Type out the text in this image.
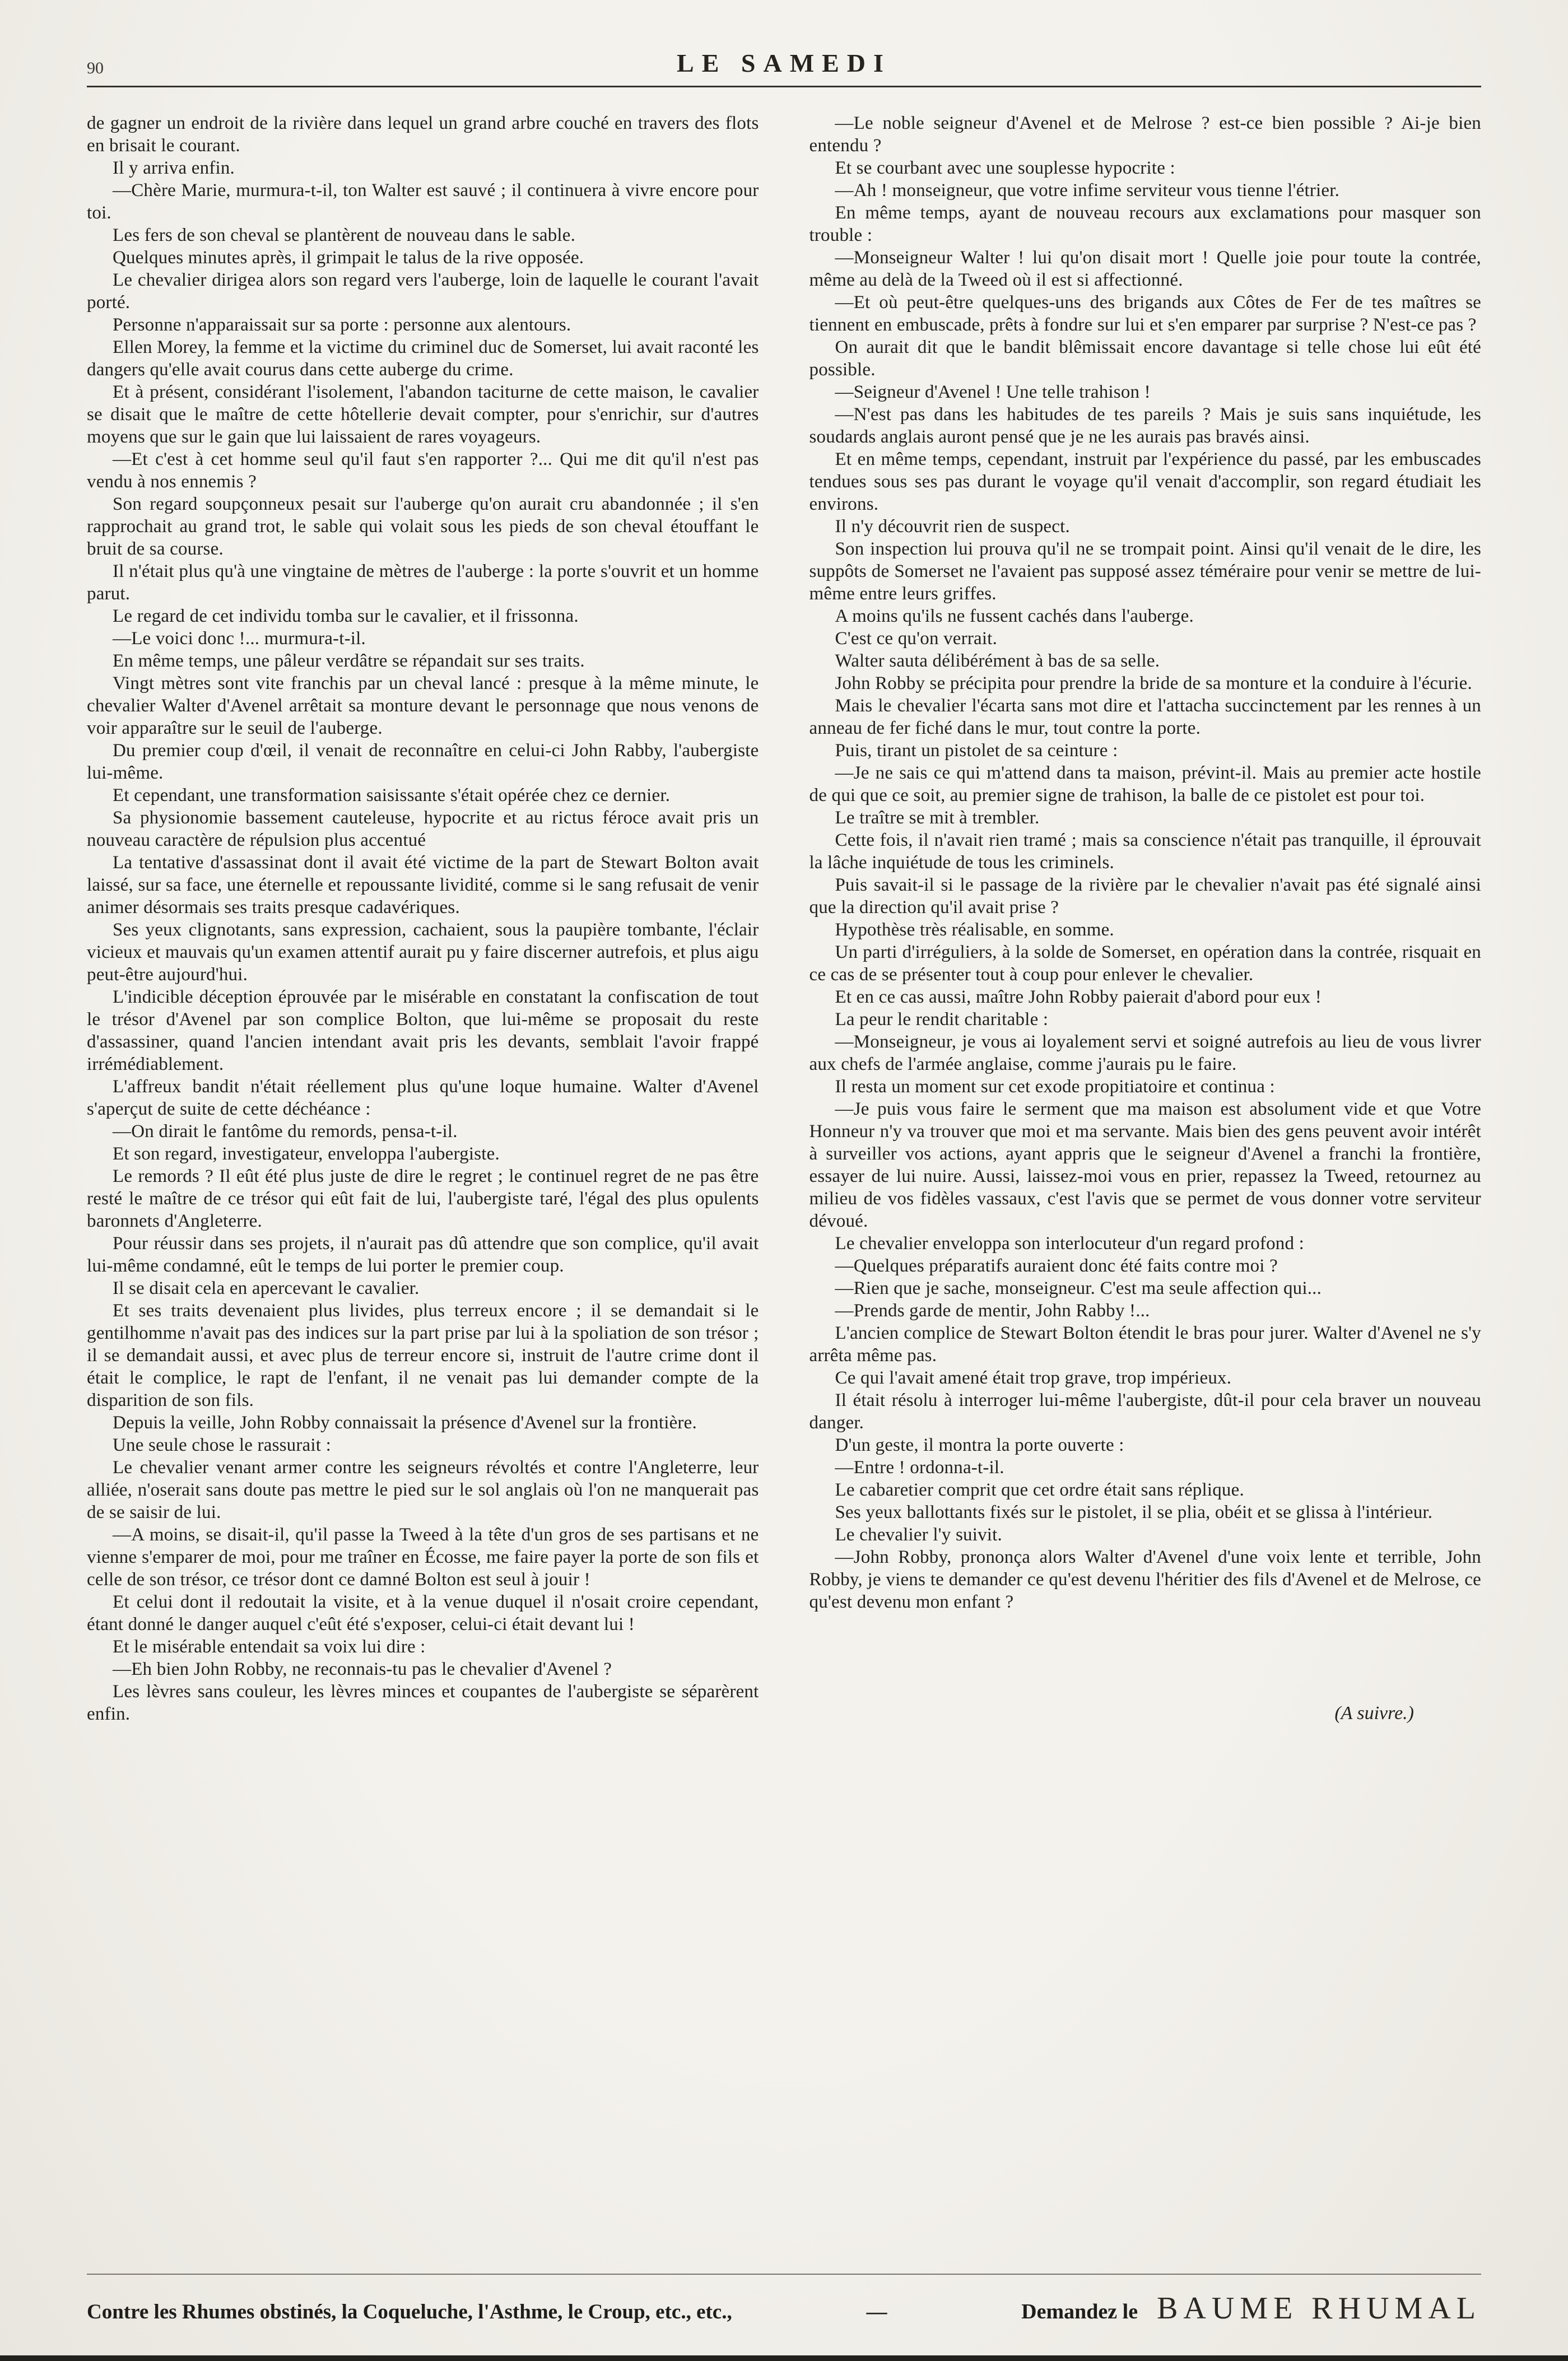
90	LE SAMEDI

de gagner un endroit de la rivière dans lequel un grand arbre couché en travers des flots en brisait le courant.

Il y arriva enfin.

—Chère Marie, murmura-t-il, ton Walter est sauvé ; il continuera à vivre encore pour toi.

Les fers de son cheval se plantèrent de nouveau dans le sable.

Quelques minutes après, il grimpait le talus de la rive opposée.

Le chevalier dirigea alors son regard vers l'auberge, loin de laquelle le courant l'avait porté.

Personne n'apparaissait sur sa porte : personne aux alentours.

Ellen Morey, la femme et la victime du criminel duc de Somerset, lui avait raconté les dangers qu'elle avait courus dans cette auberge du crime.

Et à présent, considérant l'isolement, l'abandon taciturne de cette maison, le cavalier se disait que le maître de cette hôtellerie devait compter, pour s'enrichir, sur d'autres moyens que sur le gain que lui laissaient de rares voyageurs.

—Et c'est à cet homme seul qu'il faut s'en rapporter ?... Qui me dit qu'il n'est pas vendu à nos ennemis ?

Son regard soupçonneux pesait sur l'auberge qu'on aurait cru abandonnée ; il s'en rapprochait au grand trot, le sable qui volait sous les pieds de son cheval étouffant le bruit de sa course.

Il n'était plus qu'à une vingtaine de mètres de l'auberge : la porte s'ouvrit et un homme parut.

Le regard de cet individu tomba sur le cavalier, et il frissonna.

—Le voici donc !... murmura-t-il.

En même temps, une pâleur verdâtre se répandait sur ses traits.

Vingt mètres sont vite franchis par un cheval lancé : presque à la même minute, le chevalier Walter d'Avenel arrêtait sa monture devant le personnage que nous venons de voir apparaître sur le seuil de l'auberge.

Du premier coup d'œil, il venait de reconnaître en celui-ci John Rabby, l'aubergiste lui-même.

Et cependant, une transformation saisissante s'était opérée chez ce dernier.

Sa physionomie bassement cauteleuse, hypocrite et au rictus féroce avait pris un nouveau caractère de répulsion plus accentué

La tentative d'assassinat dont il avait été victime de la part de Stewart Bolton avait laissé, sur sa face, une éternelle et repoussante lividité, comme si le sang refusait de venir animer désormais ses traits presque cadavériques.

Ses yeux clignotants, sans expression, cachaient, sous la paupière tombante, l'éclair vicieux et mauvais qu'un examen attentif aurait pu y faire discerner autrefois, et plus aigu peut-être aujourd'hui.

L'indicible déception éprouvée par le misérable en constatant la confiscation de tout le trésor d'Avenel par son complice Bolton, que lui-même se proposait du reste d'assassiner, quand l'ancien intendant avait pris les devants, semblait l'avoir frappé irrémédiablement.

L'affreux bandit n'était réellement plus qu'une loque humaine. Walter d'Avenel s'aperçut de suite de cette déchéance :

—On dirait le fantôme du remords, pensa-t-il.

Et son regard, investigateur, enveloppa l'aubergiste.

Le remords ? Il eût été plus juste de dire le regret ; le continuel regret de ne pas être resté le maître de ce trésor qui eût fait de lui, l'aubergiste taré, l'égal des plus opulents baronnets d'Angleterre.

Pour réussir dans ses projets, il n'aurait pas dû attendre que son complice, qu'il avait lui-même condamné, eût le temps de lui porter le premier coup.

Il se disait cela en apercevant le cavalier.

Et ses traits devenaient plus livides, plus terreux encore ; il se demandait si le gentilhomme n'avait pas des indices sur la part prise par lui à la spoliation de son trésor ; il se demandait aussi, et avec plus de terreur encore si, instruit de l'autre crime dont il était le complice, le rapt de l'enfant, il ne venait pas lui demander compte de la disparition de son fils.

Depuis la veille, John Robby connaissait la présence d'Avenel sur la frontière.

Une seule chose le rassurait :

Le chevalier venant armer contre les seigneurs révoltés et contre l'Angleterre, leur alliée, n'oserait sans doute pas mettre le pied sur le sol anglais où l'on ne manquerait pas de se saisir de lui.

—A moins, se disait-il, qu'il passe la Tweed à la tête d'un gros de ses partisans et ne vienne s'emparer de moi, pour me traîner en Écosse, me faire payer la porte de son fils et celle de son trésor, ce trésor dont ce damné Bolton est seul à jouir !

Et celui dont il redoutait la visite, et à la venue duquel il n'osait croire cependant, étant donné le danger auquel c'eût été s'exposer, celui-ci était devant lui !

Et le misérable entendait sa voix lui dire :

—Eh bien John Robby, ne reconnais-tu pas le chevalier d'Avenel ?

Les lèvres sans couleur, les lèvres minces et coupantes de l'aubergiste se séparèrent enfin.

—Le noble seigneur d'Avenel et de Melrose ? est-ce bien possible ? Ai-je bien entendu ?

Et se courbant avec une souplesse hypocrite :

—Ah ! monseigneur, que votre infime serviteur vous tienne l'étrier.

En même temps, ayant de nouveau recours aux exclamations pour masquer son trouble :

—Monseigneur Walter ! lui qu'on disait mort ! Quelle joie pour toute la contrée, même au delà de la Tweed où il est si affectionné.

—Et où peut-être quelques-uns des brigands aux Côtes de Fer de tes maîtres se tiennent en embuscade, prêts à fondre sur lui et s'en emparer par surprise ? N'est-ce pas ?

On aurait dit que le bandit blêmissait encore davantage si telle chose lui eût été possible.

—Seigneur d'Avenel ! Une telle trahison !

—N'est pas dans les habitudes de tes pareils ? Mais je suis sans inquiétude, les soudards anglais auront pensé que je ne les aurais pas bravés ainsi.

Et en même temps, cependant, instruit par l'expérience du passé, par les embuscades tendues sous ses pas durant le voyage qu'il venait d'accomplir, son regard étudiait les environs.

Il n'y découvrit rien de suspect.

Son inspection lui prouva qu'il ne se trompait point. Ainsi qu'il venait de le dire, les suppôts de Somerset ne l'avaient pas supposé assez téméraire pour venir se mettre de lui-même entre leurs griffes.

A moins qu'ils ne fussent cachés dans l'auberge.

C'est ce qu'on verrait.

Walter sauta délibérément à bas de sa selle.

John Robby se précipita pour prendre la bride de sa monture et la conduire à l'écurie.

Mais le chevalier l'écarta sans mot dire et l'attacha succinctement par les rennes à un anneau de fer fiché dans le mur, tout contre la porte.

Puis, tirant un pistolet de sa ceinture :

—Je ne sais ce qui m'attend dans ta maison, prévint-il. Mais au premier acte hostile de qui que ce soit, au premier signe de trahison, la balle de ce pistolet est pour toi.

Le traître se mit à trembler.

Cette fois, il n'avait rien tramé ; mais sa conscience n'était pas tranquille, il éprouvait la lâche inquiétude de tous les criminels.

Puis savait-il si le passage de la rivière par le chevalier n'avait pas été signalé ainsi que la direction qu'il avait prise ?

Hypothèse très réalisable, en somme.

Un parti d'irréguliers, à la solde de Somerset, en opération dans la contrée, risquait en ce cas de se présenter tout à coup pour enlever le chevalier.

Et en ce cas aussi, maître John Robby paierait d'abord pour eux !

La peur le rendit charitable :

—Monseigneur, je vous ai loyalement servi et soigné autrefois au lieu de vous livrer aux chefs de l'armée anglaise, comme j'aurais pu le faire.

Il resta un moment sur cet exode propitiatoire et continua :

—Je puis vous faire le serment que ma maison est absolument vide et que Votre Honneur n'y va trouver que moi et ma servante. Mais bien des gens peuvent avoir intérêt à surveiller vos actions, ayant appris que le seigneur d'Avenel a franchi la frontière, essayer de lui nuire. Aussi, laissez-moi vous en prier, repassez la Tweed, retournez au milieu de vos fidèles vassaux, c'est l'avis que se permet de vous donner votre serviteur dévoué.

Le chevalier enveloppa son interlocuteur d'un regard profond :

—Quelques préparatifs auraient donc été faits contre moi ?

—Rien que je sache, monseigneur. C'est ma seule affection qui...

—Prends garde de mentir, John Rabby !...

L'ancien complice de Stewart Bolton étendit le bras pour jurer. Walter d'Avenel ne s'y arrêta même pas.

Ce qui l'avait amené était trop grave, trop impérieux.

Il était résolu à interroger lui-même l'aubergiste, dût-il pour cela braver un nouveau danger.

D'un geste, il montra la porte ouverte :

—Entre ! ordonna-t-il.

Le cabaretier comprit que cet ordre était sans réplique.

Ses yeux ballottants fixés sur le pistolet, il se plia, obéit et se glissa à l'intérieur.

Le chevalier l'y suivit.

—John Robby, prononça alors Walter d'Avenel d'une voix lente et terrible, John Robby, je viens te demander ce qu'est devenu l'héritier des fils d'Avenel et de Melrose, ce qu'est devenu mon enfant ?

(A suivre.)

Contre les Rhumes obstinés, la Coqueluche, l'Asthme, le Croup, etc., etc.,	—	Demandez le BAUME RHUMAL
